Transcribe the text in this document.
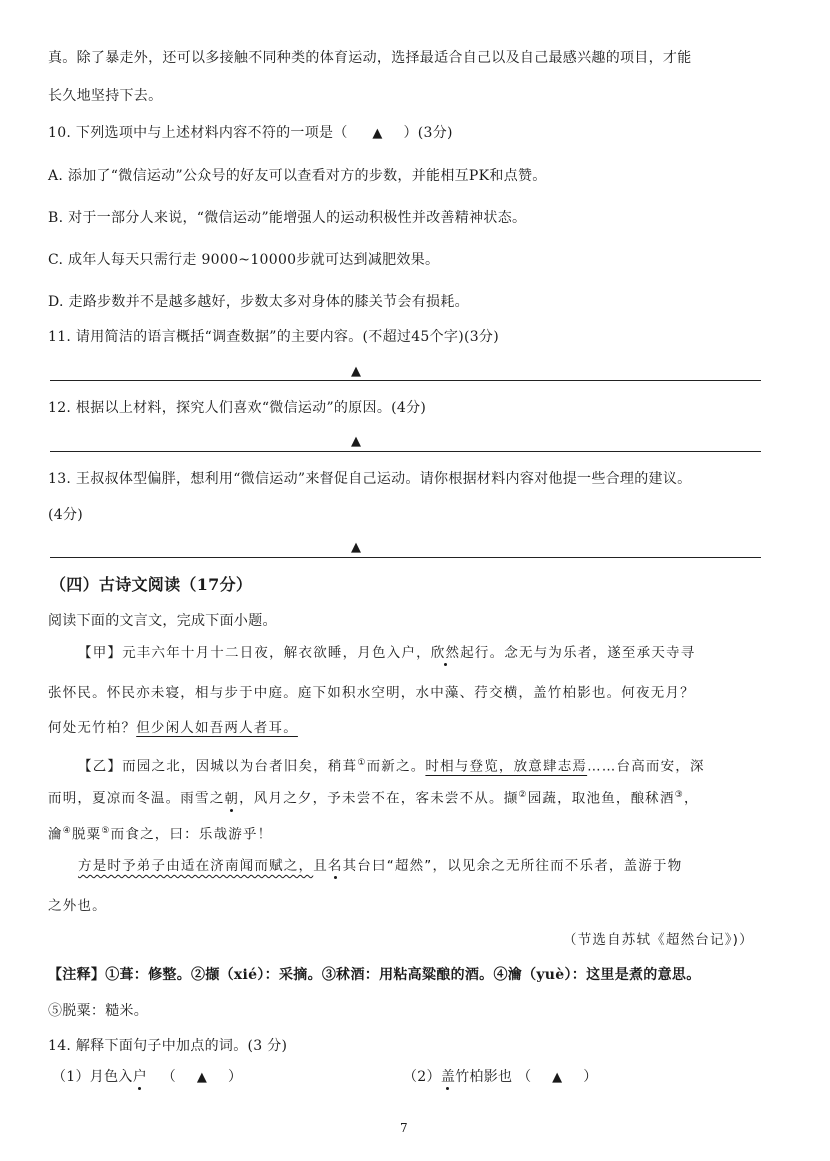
真。除了暴走外，还可以多接触不同种类的体育运动，选择最适合自己以及自己最感兴趣的项目，才能
长久地坚持下去。
10. 下列选项中与上述材料内容不符的一项是（ ▲ ）(3分)
A. 添加了“微信运动”公众号的好友可以查看对方的步数，并能相互PK和点赞。
B. 对于一部分人来说，“微信运动”能增强人的运动积极性并改善精神状态。
C. 成年人每天只需行走 9000~10000步就可达到减肥效果。
D. 走路步数并不是越多越好，步数太多对身体的膝关节会有损耗。
11. 请用简洁的语言概括“调查数据”的主要内容。(不超过45个字)(3分)
▲
12. 根据以上材料，探究人们喜欢“微信运动”的原因。(4分)
▲
13. 王叔叔体型偏胖，想利用“微信运动”来督促自己运动。请你根据材料内容对他提一些合理的建议。
(4分)
▲
（四）古诗文阅读（17分）
阅读下面的文言文，完成下面小题。
【甲】元丰六年十月十二日夜，解衣欲睡，月色入户，欣然起行。念无与为乐者，遂至承天寺寻
张怀民。怀民亦未寝，相与步于中庭。庭下如积水空明，水中藻、荇交横，盖竹柏影也。何夜无月？
何处无竹柏？但少闲人如吾两人者耳。
【乙】而园之北，因城以为台者旧矣，稍葺①而新之。时相与登览，放意肆志焉……台高而安，深
而明，夏凉而冬温。雨雪之朝，风月之夕，予未尝不在，客未尝不从。撷②园蔬，取池鱼，酿秫酒③，
瀹④脱粟⑤而食之，曰：乐哉游乎！
方是时予弟子由适在济南闻而赋之，且名其台曰“超然”，以见余之无所往而不乐者，盖游于物
之外也。
（节选自苏轼《超然台记》)）
【注释】①葺：修整。②撷（xié）：采摘。③秫酒：用粘高粱酿的酒。④瀹（yuè）：这里是煮的意思。
⑤脱粟：糙米。
14. 解释下面句子中加点的词。(3 分)
（1）月色入户 （ ▲ ）	（2）盖竹柏影也 （ ▲ ）
7
